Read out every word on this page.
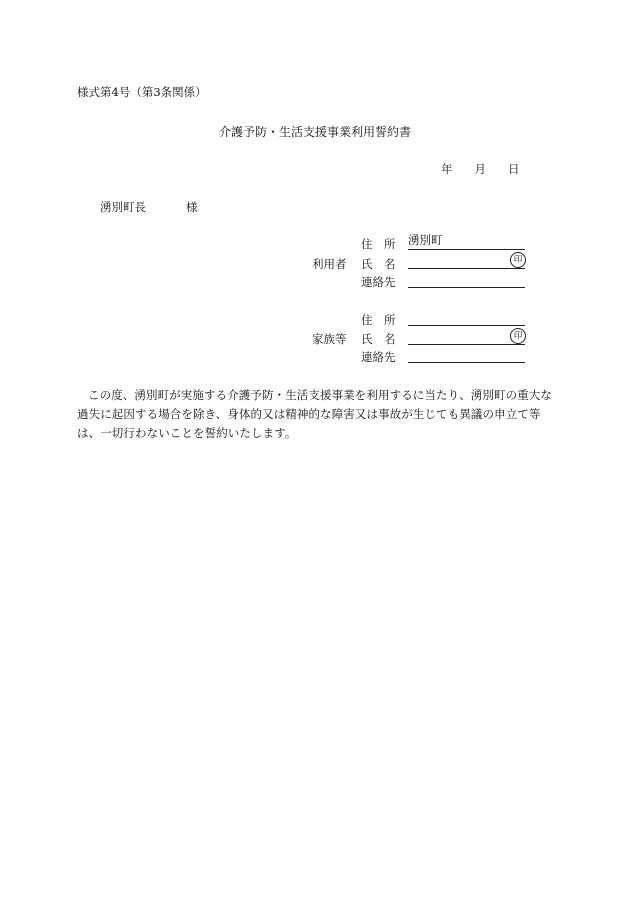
様式第4号（第3条関係）
介護予防・生活支援事業利用誓約書
年 月 日
湧別町長	様
住　所 湧別町
利用者 氏　名	印
連絡先
住　所
家族等 氏　名	印
連絡先
この度、湧別町が実施する介護予防・生活支援事業を利用するに当たり、湧別町の重大な過失に起因する場合を除き、身体的又は精神的な障害又は事故が生じても異議の申立て等は、一切行わないことを誓約いたします。
